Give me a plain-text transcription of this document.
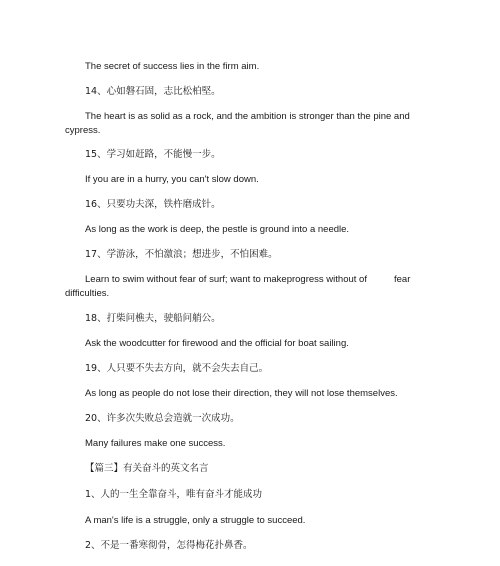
The secret of success lies in the firm aim.
14、心如磐石固，志比松柏堅。
The heart is as solid as a rock, and the ambition is stronger than the pine and
cypress.
15、学习如赶路，不能慢一步。
If you are in a hurry, you can't slow down.
16、只要功夫深，铁杵磨成针。
As long as the work is deep, the pestle is ground into a needle.
17、学游泳，不怕激浪；想进步，不怕困难。
Learn to swim without fear of surf; want to makeprogress without of	fear
difficulties.
18、打柴问樵夫，驶船问艄公。
Ask the woodcutter for firewood and the official for boat sailing.
19、人只要不失去方向，就不会失去自己。
As long as people do not lose their direction, they will not lose themselves.
20、许多次失败总会造就一次成功。
Many failures make one success.
【篇三】有关奋斗的英文名言
1、人的一生全靠奋斗，唯有奋斗才能成功
A man's life is a struggle, only a struggle to succeed.
2、不是一番寒彻骨，怎得梅花扑鼻香。
